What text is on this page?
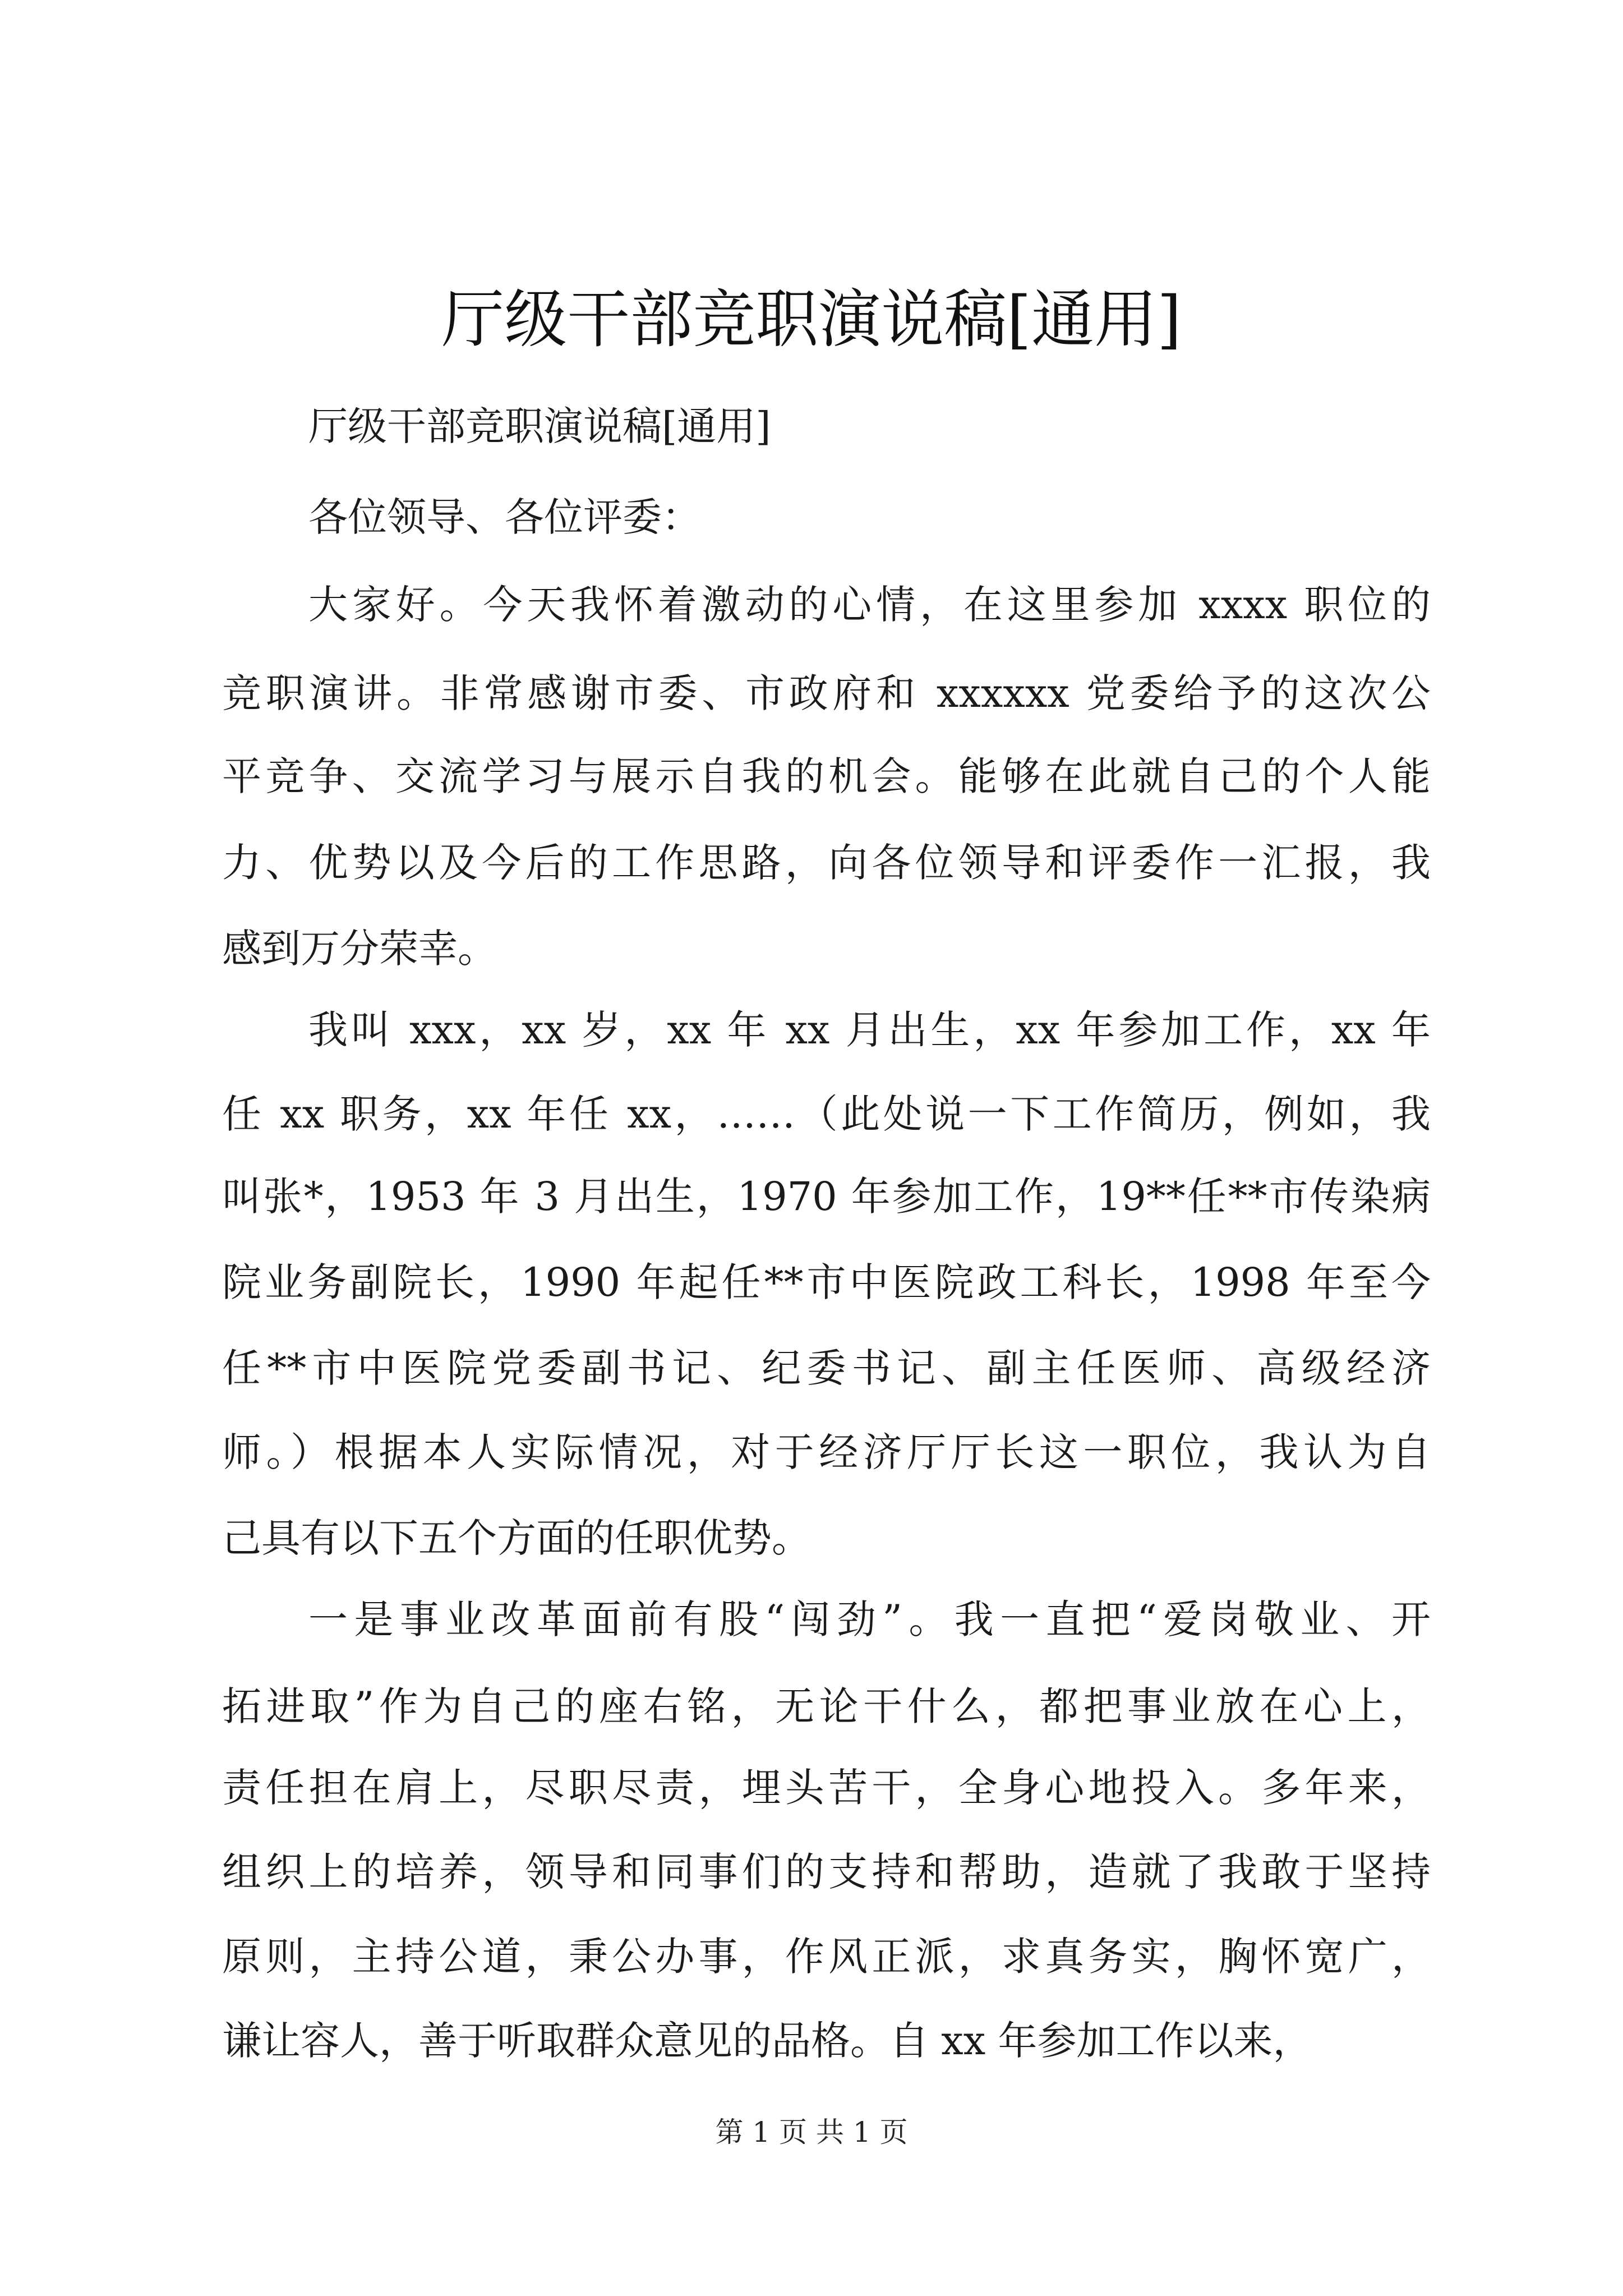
厅级干部竞职演说稿[通用]
厅级干部竞职演说稿[通用]
各位领导、各位评委：
大家好。今天我怀着激动的心情，在这里参加 xxxx 职位的
竞职演讲。非常感谢市委、市政府和 xxxxxx 党委给予的这次公
平竞争、交流学习与展示自我的机会。能够在此就自己的个人能
力、优势以及今后的工作思路，向各位领导和评委作一汇报，我
感到万分荣幸。
我叫 xxx，xx 岁，xx 年 xx 月出生，xx 年参加工作，xx 年
任 xx 职务，xx 年任 xx，……（此处说一下工作简历，例如，我
叫张*，1953 年 3 月出生，1970 年参加工作，19**任**市传染病
院业务副院长，1990 年起任**市中医院政工科长，1998 年至今
任**市中医院党委副书记、纪委书记、副主任医师、高级经济
师。）根据本人实际情况，对于经济厅厅长这一职位，我认为自
己具有以下五个方面的任职优势。
一是事业改革面前有股“闯劲”。我一直把“爱岗敬业、开
拓进取”作为自己的座右铭，无论干什么，都把事业放在心上，
责任担在肩上，尽职尽责，埋头苦干，全身心地投入。多年来，
组织上的培养，领导和同事们的支持和帮助，造就了我敢于坚持
原则，主持公道，秉公办事，作风正派，求真务实，胸怀宽广，
谦让容人，善于听取群众意见的品格。自 xx 年参加工作以来，
第 1 页 共 1 页
